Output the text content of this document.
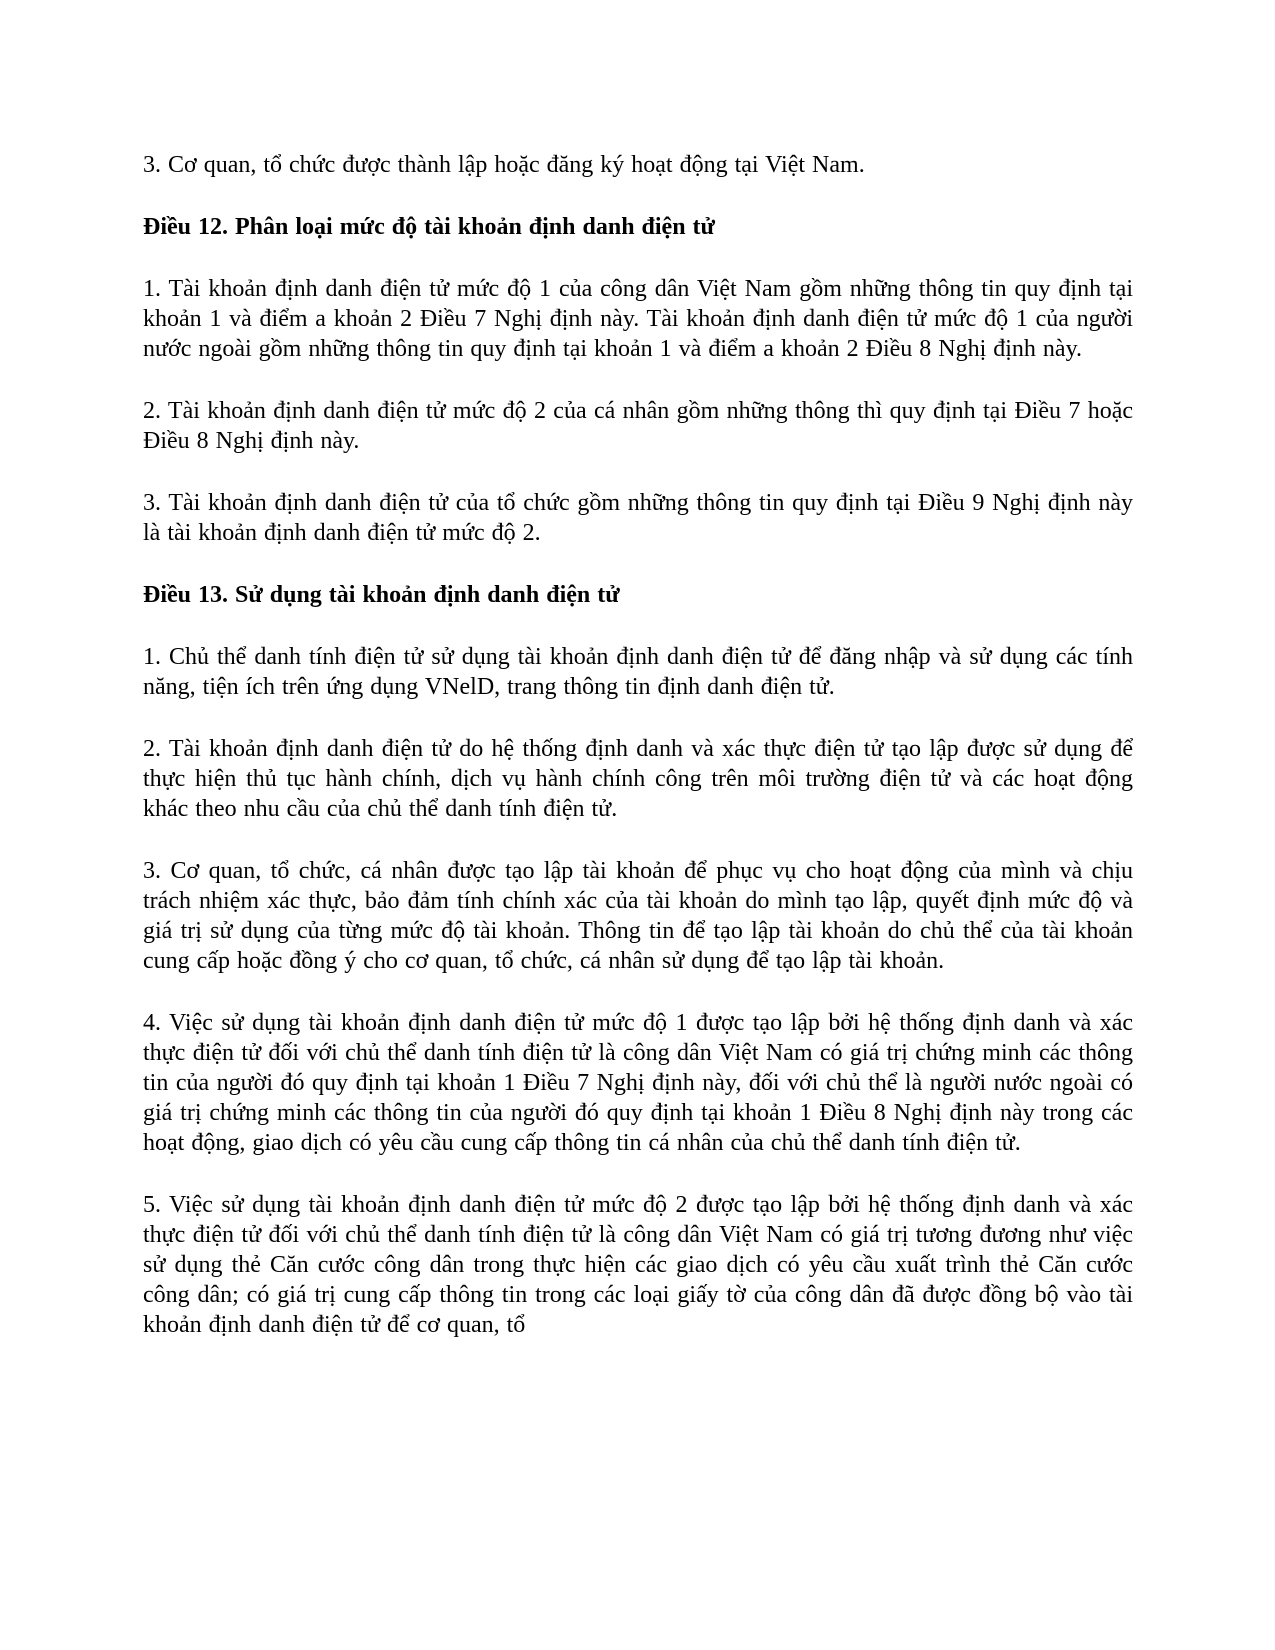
3. Cơ quan, tổ chức được thành lập hoặc đăng ký hoạt động tại Việt Nam.

Điều 12. Phân loại mức độ tài khoản định danh điện tử

1. Tài khoản định danh điện tử mức độ 1 của công dân Việt Nam gồm những thông tin quy định tại khoản 1 và điểm a khoản 2 Điều 7 Nghị định này. Tài khoản định danh điện tử mức độ 1 của người nước ngoài gồm những thông tin quy định tại khoản 1 và điểm a khoản 2 Điều 8 Nghị định này.

2. Tài khoản định danh điện tử mức độ 2 của cá nhân gồm những thông thì quy định tại Điều 7 hoặc Điều 8 Nghị định này.

3. Tài khoản định danh điện tử của tổ chức gồm những thông tin quy định tại Điều 9 Nghị định này là tài khoản định danh điện tử mức độ 2.

Điều 13. Sử dụng tài khoản định danh điện tử

1. Chủ thể danh tính điện tử sử dụng tài khoản định danh điện tử để đăng nhập và sử dụng các tính năng, tiện ích trên ứng dụng VNelD, trang thông tin định danh điện tử.

2. Tài khoản định danh điện tử do hệ thống định danh và xác thực điện tử tạo lập được sử dụng để thực hiện thủ tục hành chính, dịch vụ hành chính công trên môi trường điện tử và các hoạt động khác theo nhu cầu của chủ thể danh tính điện tử.

3. Cơ quan, tổ chức, cá nhân được tạo lập tài khoản để phục vụ cho hoạt động của mình và chịu trách nhiệm xác thực, bảo đảm tính chính xác của tài khoản do mình tạo lập, quyết định mức độ và giá trị sử dụng của từng mức độ tài khoản. Thông tin để tạo lập tài khoản do chủ thể của tài khoản cung cấp hoặc đồng ý cho cơ quan, tổ chức, cá nhân sử dụng để tạo lập tài khoản.

4. Việc sử dụng tài khoản định danh điện tử mức độ 1 được tạo lập bởi hệ thống định danh và xác thực điện tử đối với chủ thể danh tính điện tử là công dân Việt Nam có giá trị chứng minh các thông tin của người đó quy định tại khoản 1 Điều 7 Nghị định này, đối với chủ thể là người nước ngoài có giá trị chứng minh các thông tin của người đó quy định tại khoản 1 Điều 8 Nghị định này trong các hoạt động, giao dịch có yêu cầu cung cấp thông tin cá nhân của chủ thể danh tính điện tử.

5. Việc sử dụng tài khoản định danh điện tử mức độ 2 được tạo lập bởi hệ thống định danh và xác thực điện tử đối với chủ thể danh tính điện tử là công dân Việt Nam có giá trị tương đương như việc sử dụng thẻ Căn cước công dân trong thực hiện các giao dịch có yêu cầu xuất trình thẻ Căn cước công dân; có giá trị cung cấp thông tin trong các loại giấy tờ của công dân đã được đồng bộ vào tài khoản định danh điện tử để cơ quan, tổ
